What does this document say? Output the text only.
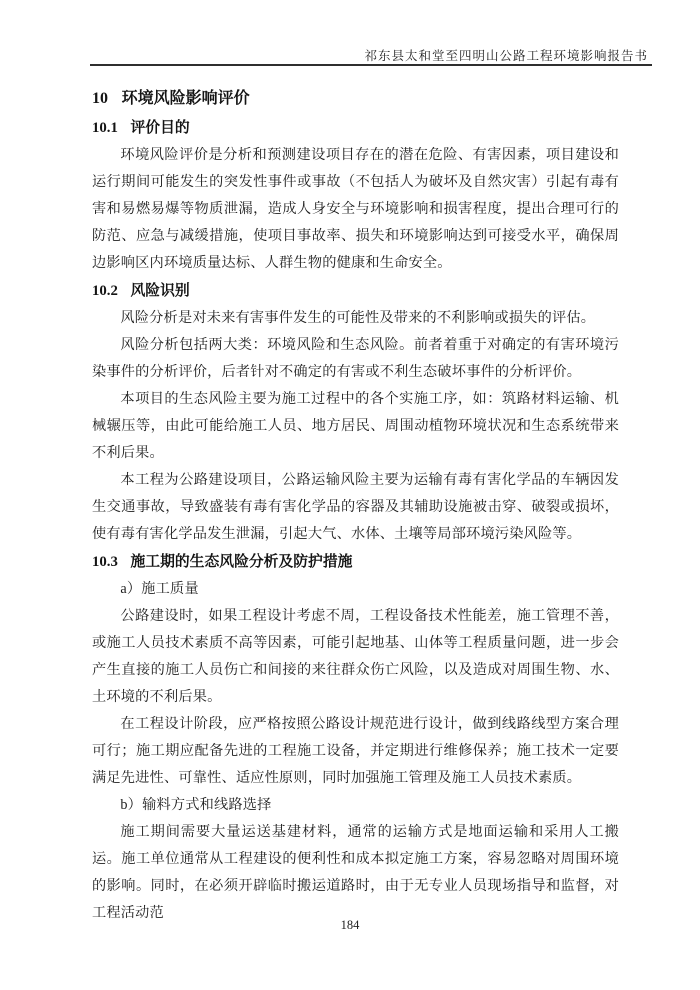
祁东县太和堂至四明山公路工程环境影响报告书
10 环境风险影响评价
10.1 评价目的

环境风险评价是分析和预测建设项目存在的潜在危险、有害因素，项目建设和运行期间可能发生的突发性事件或事故（不包括人为破坏及自然灾害）引起有毒有害和易燃易爆等物质泄漏，造成人身安全与环境影响和损害程度，提出合理可行的防范、应急与减缓措施，使项目事故率、损失和环境影响达到可接受水平，确保周边影响区内环境质量达标、人群生物的健康和生命安全。

10.2 风险识别

风险分析是对未来有害事件发生的可能性及带来的不利影响或损失的评估。

风险分析包括两大类：环境风险和生态风险。前者着重于对确定的有害环境污染事件的分析评价，后者针对不确定的有害或不利生态破坏事件的分析评价。

本项目的生态风险主要为施工过程中的各个实施工序，如：筑路材料运输、机械辗压等，由此可能给施工人员、地方居民、周围动植物环境状况和生态系统带来不利后果。

本工程为公路建设项目，公路运输风险主要为运输有毒有害化学品的车辆因发生交通事故，导致盛装有毒有害化学品的容器及其辅助设施被击穿、破裂或损坏，使有毒有害化学品发生泄漏，引起大气、水体、土壤等局部环境污染风险等。

10.3 施工期的生态风险分析及防护措施

a）施工质量

公路建设时，如果工程设计考虑不周，工程设备技术性能差，施工管理不善，或施工人员技术素质不高等因素，可能引起地基、山体等工程质量问题，进一步会产生直接的施工人员伤亡和间接的来往群众伤亡风险，以及造成对周围生物、水、土环境的不利后果。

在工程设计阶段，应严格按照公路设计规范进行设计，做到线路线型方案合理可行；施工期应配备先进的工程施工设备，并定期进行维修保养；施工技术一定要满足先进性、可靠性、适应性原则，同时加强施工管理及施工人员技术素质。

b）输料方式和线路选择

施工期间需要大量运送基建材料，通常的运输方式是地面运输和采用人工搬运。施工单位通常从工程建设的便利性和成本拟定施工方案，容易忽略对周围环境的影响。同时，在必须开辟临时搬运道路时，由于无专业人员现场指导和监督，对工程活动范

184
